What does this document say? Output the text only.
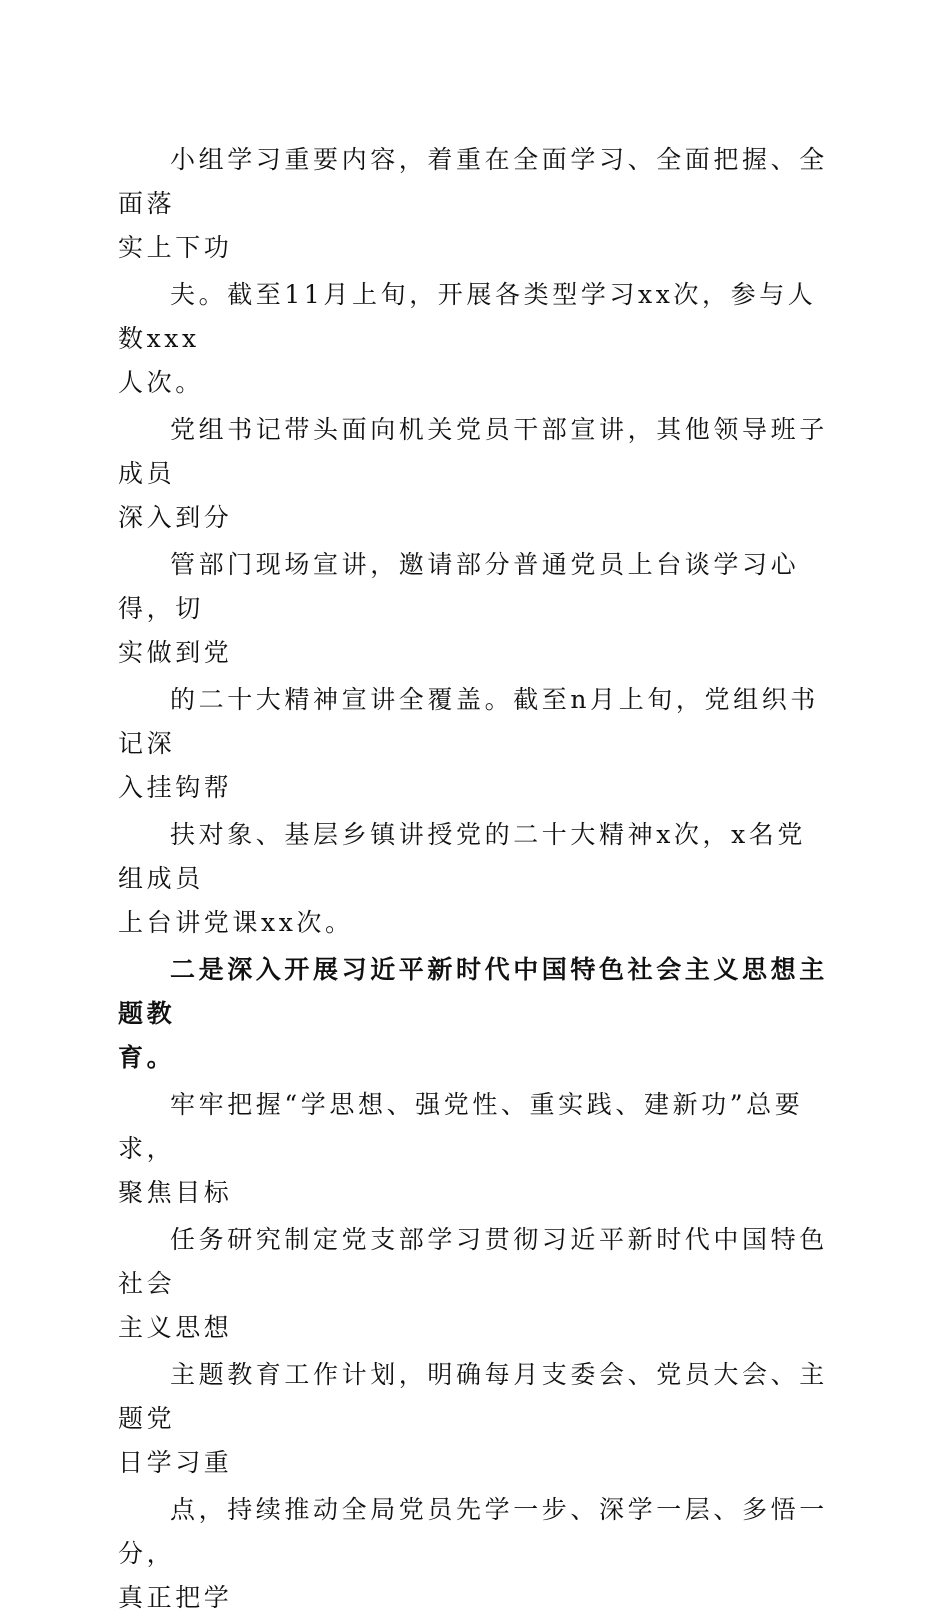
小组学习重要内容，着重在全面学习、全面把握、全面落
实上下功

夫。截至11月上旬，开展各类型学习xx次，参与人数xxx
人次。

党组书记带头面向机关党员干部宣讲，其他领导班子成员
深入到分

管部门现场宣讲，邀请部分普通党员上台谈学习心得，切
实做到党

的二十大精神宣讲全覆盖。截至n月上旬，党组织书记深
入挂钩帮

扶对象、基层乡镇讲授党的二十大精神x次，x名党组成员
上台讲党课xx次。

二是深入开展习近平新时代中国特色社会主义思想主题教
育。

牢牢把握“学思想、强党性、重实践、建新功”总要求，
聚焦目标

任务研究制定党支部学习贯彻习近平新时代中国特色社会
主义思想

主题教育工作计划，明确每月支委会、党员大会、主题党
日学习重

点，持续推动全局党员先学一步、深学一层、多悟一分，
真正把学
